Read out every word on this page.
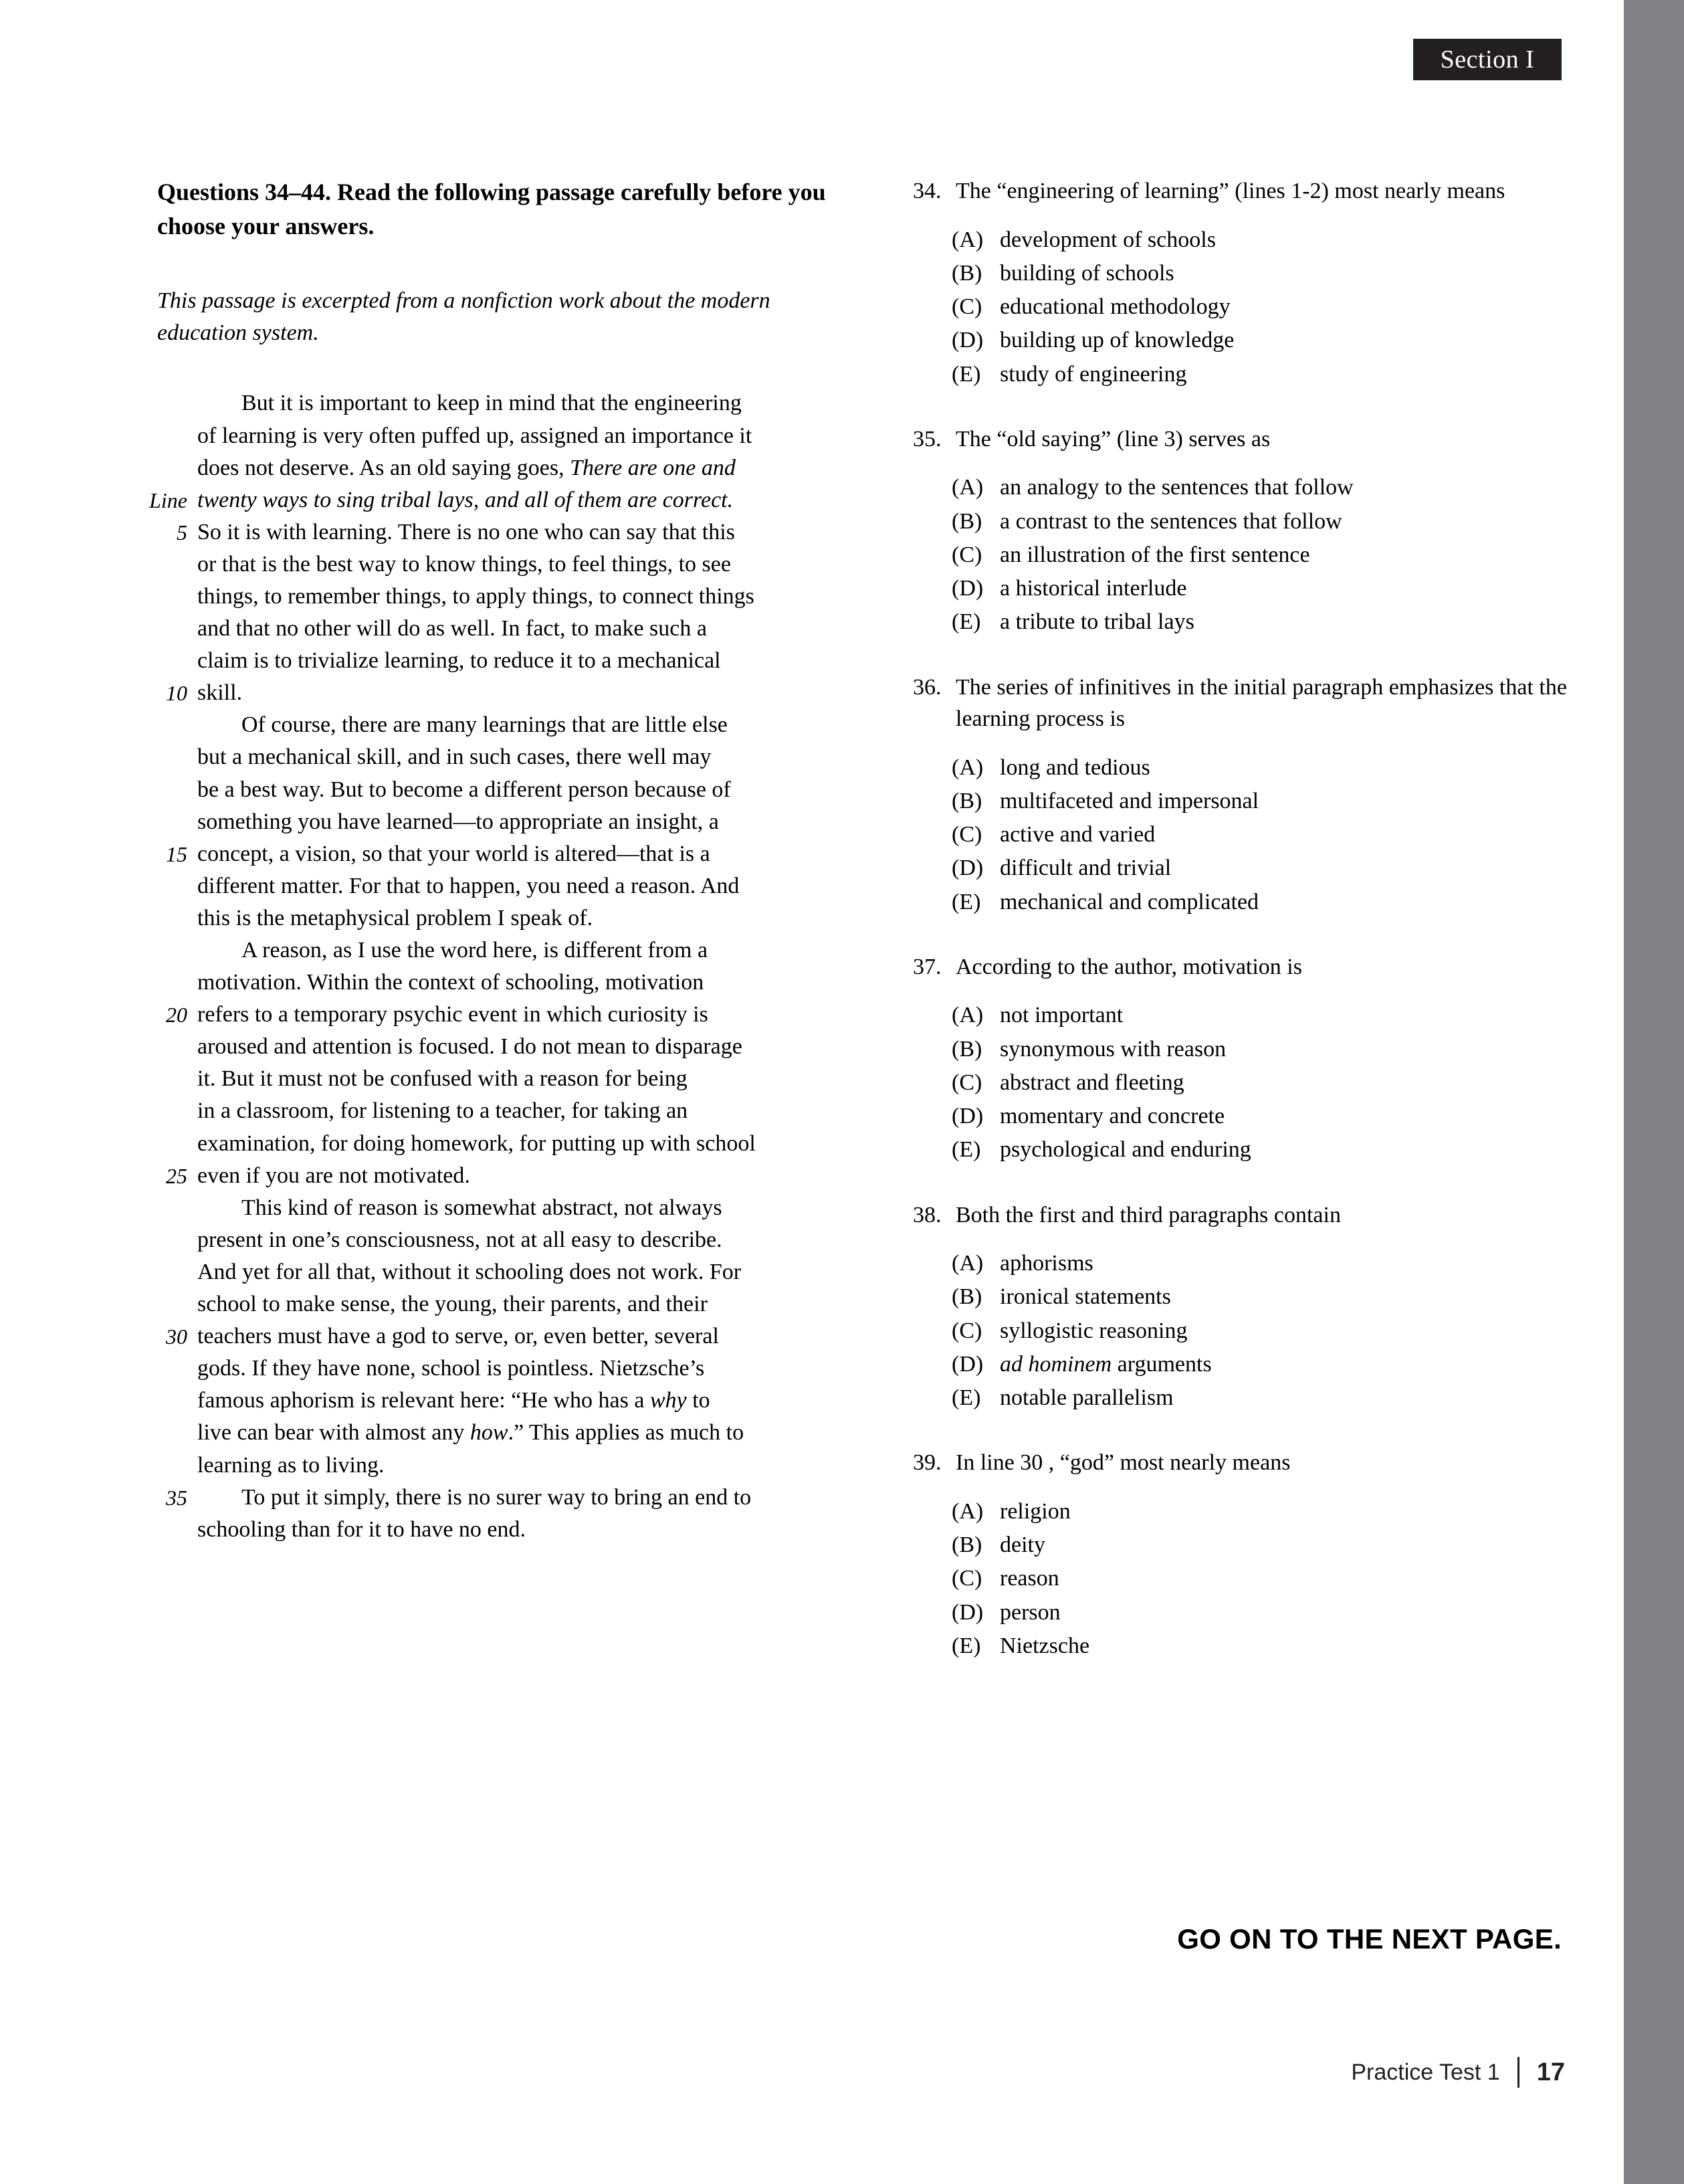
Section I
Questions 34–44. Read the following passage carefully before you choose your answers.
This passage is excerpted from a nonfiction work about the modern education system.
But it is important to keep in mind that the engineering
of learning is very often puffed up, assigned an importance it
does not deserve. As an old saying goes, There are one and
Line twenty ways to sing tribal lays, and all of them are correct.
5 So it is with learning. There is no one who can say that this
or that is the best way to know things, to feel things, to see
things, to remember things, to apply things, to connect things
and that no other will do as well. In fact, to make such a
claim is to trivialize learning, to reduce it to a mechanical
10 skill.
Of course, there are many learnings that are little else
but a mechanical skill, and in such cases, there well may
be a best way. But to become a different person because of
something you have learned—to appropriate an insight, a
15 concept, a vision, so that your world is altered—that is a
different matter. For that to happen, you need a reason. And
this is the metaphysical problem I speak of.
A reason, as I use the word here, is different from a
motivation. Within the context of schooling, motivation
20 refers to a temporary psychic event in which curiosity is
aroused and attention is focused. I do not mean to disparage
it. But it must not be confused with a reason for being
in a classroom, for listening to a teacher, for taking an
examination, for doing homework, for putting up with school
25 even if you are not motivated.
This kind of reason is somewhat abstract, not always
present in one’s consciousness, not at all easy to describe.
And yet for all that, without it schooling does not work. For
school to make sense, the young, their parents, and their
30 teachers must have a god to serve, or, even better, several
gods. If they have none, school is pointless. Nietzsche’s
famous aphorism is relevant here: “He who has a why to
live can bear with almost any how.” This applies as much to
learning as to living.
35 To put it simply, there is no surer way to bring an end to
schooling than for it to have no end.
34. The “engineering of learning” (lines 1-2) most nearly means
(A) development of schools
(B) building of schools
(C) educational methodology
(D) building up of knowledge
(E) study of engineering
35. The “old saying” (line 3) serves as
(A) an analogy to the sentences that follow
(B) a contrast to the sentences that follow
(C) an illustration of the first sentence
(D) a historical interlude
(E) a tribute to tribal lays
36. The series of infinitives in the initial paragraph emphasizes that the learning process is
(A) long and tedious
(B) multifaceted and impersonal
(C) active and varied
(D) difficult and trivial
(E) mechanical and complicated
37. According to the author, motivation is
(A) not important
(B) synonymous with reason
(C) abstract and fleeting
(D) momentary and concrete
(E) psychological and enduring
38. Both the first and third paragraphs contain
(A) aphorisms
(B) ironical statements
(C) syllogistic reasoning
(D) ad hominem arguments
(E) notable parallelism
39. In line 30 , “god” most nearly means
(A) religion
(B) deity
(C) reason
(D) person
(E) Nietzsche
GO ON TO THE NEXT PAGE.
Practice Test 1 17
